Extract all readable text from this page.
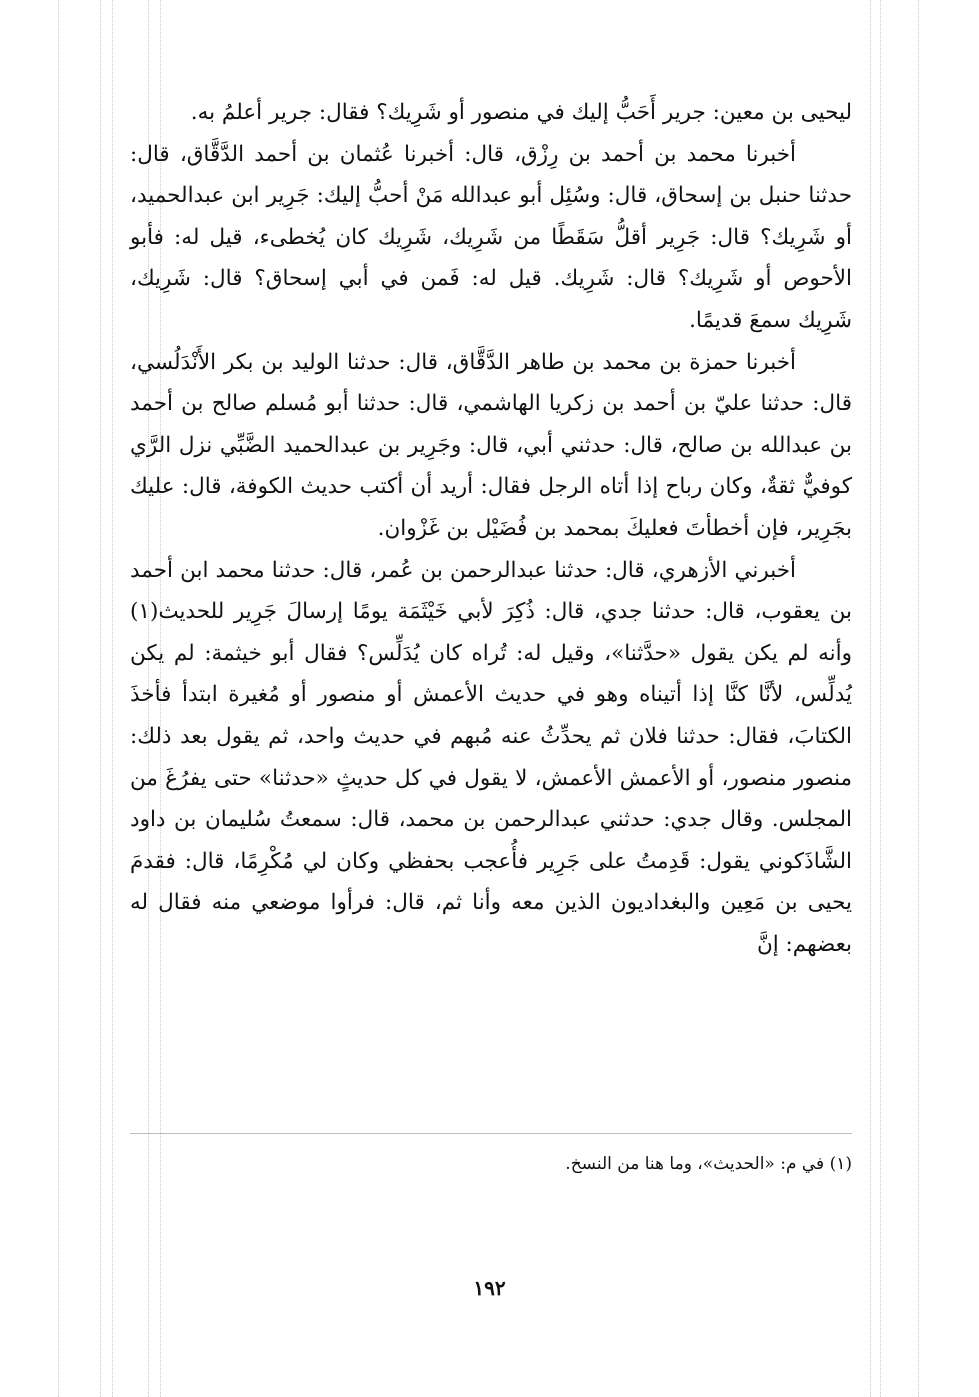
ليحيى بن معين: جرير أَحَبُّ إليك في منصور أو شَرِيك؟ فقال: جرير أعلمُ به.

أخبرنا محمد بن أحمد بن رِزْق، قال: أخبرنا عُثمان بن أحمد الدَّقَّاق، قال: حدثنا حنبل بن إسحاق، قال: وسُئِل أبو عبدالله مَنْ أحبُّ إليك: جَرِير ابن عبدالحميد، أو شَرِيك؟ قال: جَرِير أقلُّ سَقَطًا من شَرِيك، شَرِيك كان يُخطىء، قيل له: فأبو الأحوص أو شَرِيك؟ قال: شَرِيك. قيل له: فَمن في أبي إسحاق؟ قال: شَرِيك، شَرِيك سمعَ قديمًا.

أخبرنا حمزة بن محمد بن طاهر الدَّقَّاق، قال: حدثنا الوليد بن بكر الأَنْدَلُسي، قال: حدثنا عليّ بن أحمد بن زكريا الهاشمي، قال: حدثنا أبو مُسلم صالح بن أحمد بن عبدالله بن صالح، قال: حدثني أبي، قال: وجَرِير بن عبدالحميد الضَّبِّي نزل الرَّي كوفيٌّ ثقةٌ، وكان رباح إذا أتاه الرجل فقال: أريد أن أكتب حديث الكوفة، قال: عليك بجَرِير، فإن أخطأتَ فعليكَ بمحمد بن فُضَيْل بن غَزْوان.

أخبرني الأزهري، قال: حدثنا عبدالرحمن بن عُمر، قال: حدثنا محمد ابن أحمد بن يعقوب، قال: حدثنا جدي، قال: ذُكِرَ لأبي خَيْثَمَة يومًا إرسالَ جَرِير للحديث(١) وأنه لم يكن يقول «حدَّثنا»، وقيل له: تُراه كان يُدَلِّس؟ فقال أبو خيثمة: لم يكن يُدلِّس، لأنَّا كنَّا إذا أتيناه وهو في حديث الأعمش أو منصور أو مُغيرة ابتدأ فأخذَ الكتابَ، فقال: حدثنا فلان ثم يحدِّثُ عنه مُبهم في حديث واحد، ثم يقول بعد ذلك: منصور منصور، أو الأعمش الأعمش، لا يقول في كل حديثٍ «حدثنا» حتى يفرُغَ من المجلس. وقال جدي: حدثني عبدالرحمن بن محمد، قال: سمعتُ سُليمان بن داود الشَّاذَكوني يقول: قَدِمتُ على جَرِير فأُعجب بحفظي وكان لي مُكْرِمًا، قال: فقدمَ يحيى بن مَعِين والبغداديون الذين معه وأنا ثم، قال: فرأوا موضعي منه فقال له بعضهم: إنَّ

(١) في م: «الحديث»، وما هنا من النسخ.
١٩٢
